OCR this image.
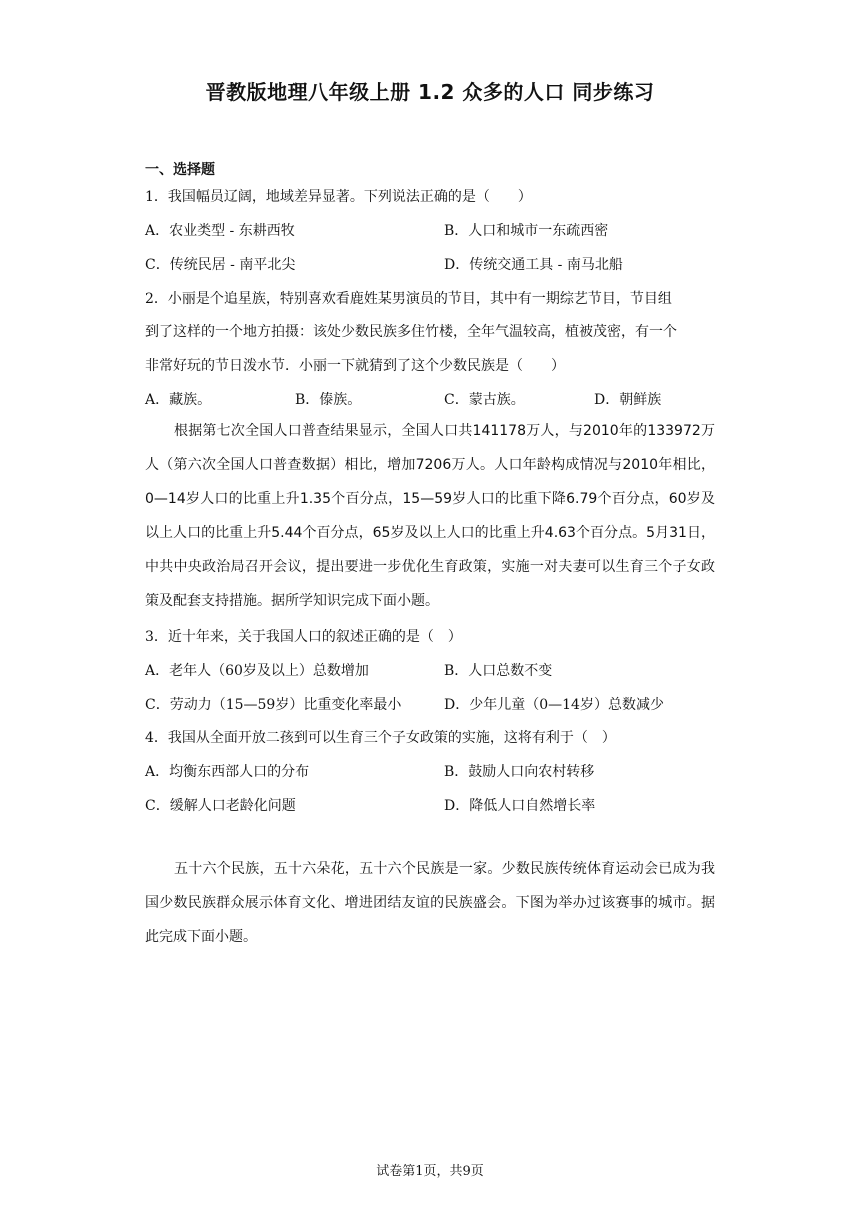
晋教版地理八年级上册 1.2 众多的人口 同步练习
一、选择题
1．我国幅员辽阔，地域差异显著。下列说法正确的是（　　）
A．农业类型 - 东耕西牧	B．人口和城市一东疏西密
C．传统民居 - 南平北尖	D．传统交通工具 - 南马北船
2．小丽是个追星族，特别喜欢看鹿姓某男演员的节目，其中有一期综艺节目，节目组
到了这样的一个地方拍摄：该处少数民族多住竹楼，全年气温较高，植被茂密，有一个
非常好玩的节日泼水节．小丽一下就猜到了这个少数民族是（　　）
A．藏族。	B．傣族。	C．蒙古族。	D．朝鲜族
根据第七次全国人口普查结果显示，全国人口共141178万人，与2010年的133972万人（第六次全国人口普查数据）相比，增加7206万人。人口年龄构成情况与2010年相比，0—14岁人口的比重上升1.35个百分点，15—59岁人口的比重下降6.79个百分点，60岁及以上人口的比重上升5.44个百分点，65岁及以上人口的比重上升4.63个百分点。5月31日，中共中央政治局召开会议，提出要进一步优化生育政策，实施一对夫妻可以生育三个子女政策及配套支持措施。据所学知识完成下面小题。
3．近十年来，关于我国人口的叙述正确的是（　）
A．老年人（60岁及以上）总数增加	B．人口总数不变
C．劳动力（15—59岁）比重变化率最小	D．少年儿童（0—14岁）总数减少
4．我国从全面开放二孩到可以生育三个子女政策的实施，这将有利于（　）
A．均衡东西部人口的分布	B．鼓励人口向农村转移
C．缓解人口老龄化问题	D．降低人口自然增长率
五十六个民族，五十六朵花，五十六个民族是一家。少数民族传统体育运动会已成为我国少数民族群众展示体育文化、增进团结友谊的民族盛会。下图为举办过该赛事的城市。据此完成下面小题。
试卷第1页，共9页
